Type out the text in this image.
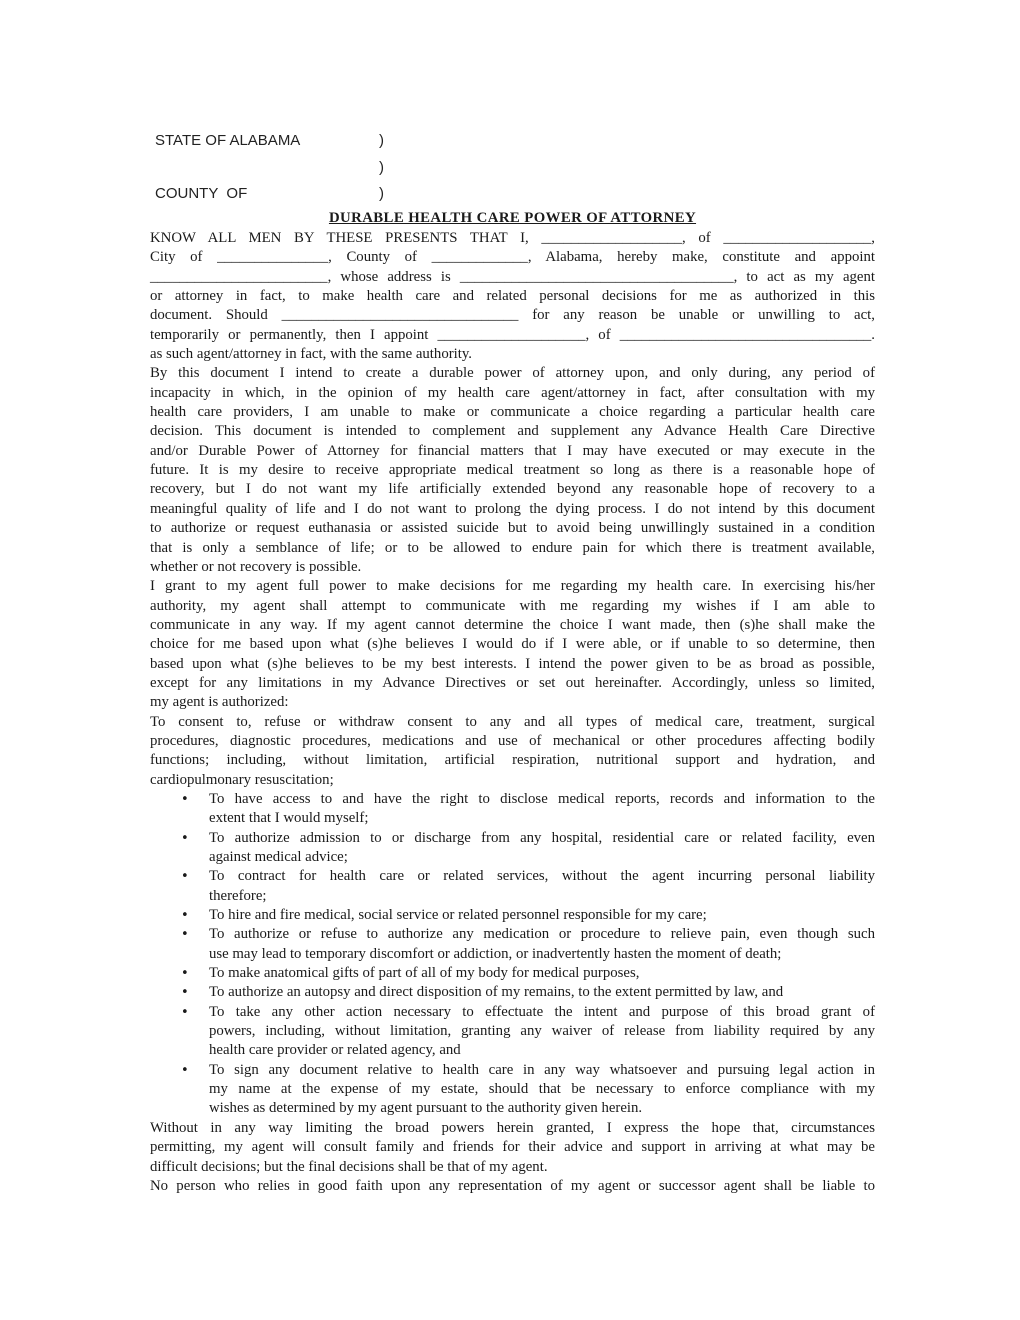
STATE OF ALABAMA	)
)
COUNTY  OF	)
DURABLE HEALTH CARE POWER OF ATTORNEY
KNOW ALL MEN BY THESE PRESENTS THAT I, ___________________, of ____________________,
City of _______________, County of _____________, Alabama, hereby make, constitute and appoint
________________________, whose address is _____________________________________, to act as my agent
or attorney in fact, to make health care and related personal decisions for me as authorized in this
document. Should ________________________________ for any reason be unable or unwilling to act,
temporarily or permanently, then I appoint ____________________, of __________________________________.
as such agent/attorney in fact, with the same authority.
By this document I intend to create a durable power of attorney upon, and only during, any period of
incapacity in which, in the opinion of my health care agent/attorney in fact, after consultation with my
health care providers, I am unable to make or communicate a choice regarding a particular health care
decision. This document is intended to complement and supplement any Advance Health Care Directive
and/or Durable Power of Attorney for financial matters that I may have executed or may execute in the
future. It is my desire to receive appropriate medical treatment so long as there is a reasonable hope of
recovery, but I do not want my life artificially extended beyond any reasonable hope of recovery to a
meaningful quality of life and I do not want to prolong the dying process. I do not intend by this document
to authorize or request euthanasia or assisted suicide but to avoid being unwillingly sustained in a condition
that is only a semblance of life; or to be allowed to endure pain for which there is treatment available,
whether or not recovery is possible.
I grant to my agent full power to make decisions for me regarding my health care. In exercising his/her
authority, my agent shall attempt to communicate with me regarding my wishes if I am able to
communicate in any way. If my agent cannot determine the choice I want made, then (s)he shall make the
choice for me based upon what (s)he believes I would do if I were able, or if unable to so determine, then
based upon what (s)he believes to be my best interests. I intend the power given to be as broad as possible,
except for any limitations in my Advance Directives or set out hereinafter. Accordingly, unless so limited,
my agent is authorized:
To consent to, refuse or withdraw consent to any and all types of medical care, treatment, surgical
procedures, diagnostic procedures, medications and use of mechanical or other procedures affecting bodily
functions; including, without limitation, artificial respiration, nutritional support and hydration, and
cardiopulmonary resuscitation;
• To have access to and have the right to disclose medical reports, records and information to the
extent that I would myself;
• To authorize admission to or discharge from any hospital, residential care or related facility, even
against medical advice;
• To contract for health care or related services, without the agent incurring personal liability
therefore;
• To hire and fire medical, social service or related personnel responsible for my care;
• To authorize or refuse to authorize any medication or procedure to relieve pain, even though such
use may lead to temporary discomfort or addiction, or inadvertently hasten the moment of death;
• To make anatomical gifts of part of all of my body for medical purposes,
• To authorize an autopsy and direct disposition of my remains, to the extent permitted by law, and
• To take any other action necessary to effectuate the intent and purpose of this broad grant of
powers, including, without limitation, granting any waiver of release from liability required by any
health care provider or related agency, and
• To sign any document relative to health care in any way whatsoever and pursuing legal action in
my name at the expense of my estate, should that be necessary to enforce compliance with my
wishes as determined by my agent pursuant to the authority given herein.
Without in any way limiting the broad powers herein granted, I express the hope that, circumstances
permitting, my agent will consult family and friends for their advice and support in arriving at what may be
difficult decisions; but the final decisions shall be that of my agent.
No person who relies in good faith upon any representation of my agent or successor agent shall be liable to
